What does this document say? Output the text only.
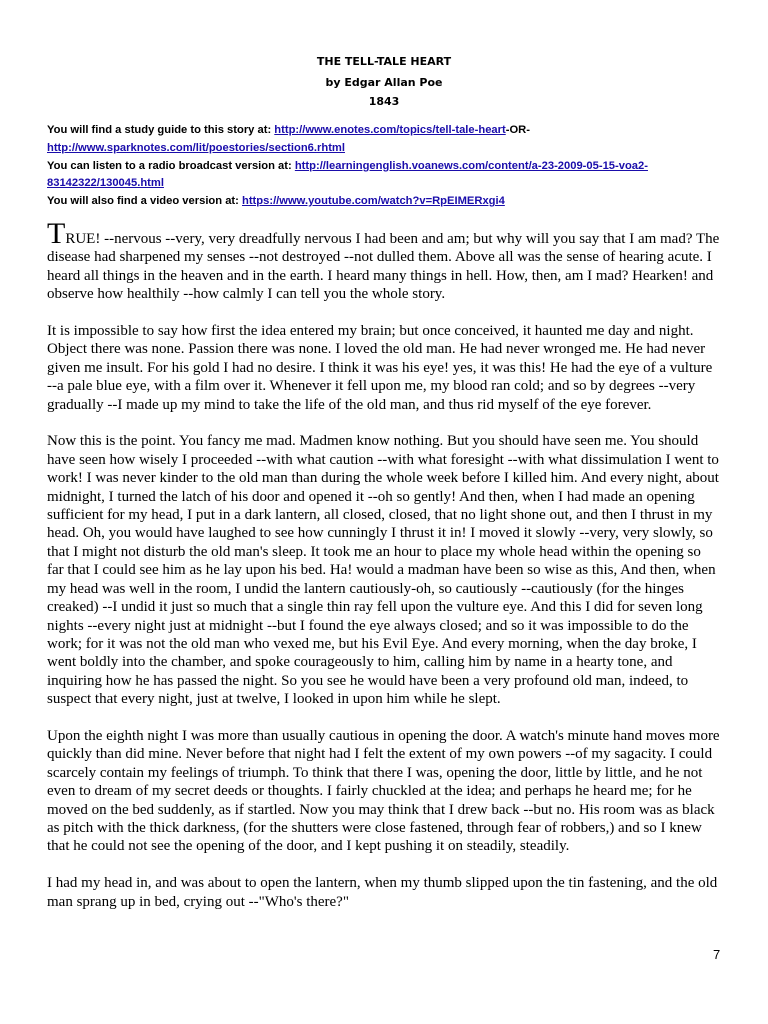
THE TELL-TALE HEART
by Edgar Allan Poe
1843
You will find a study guide to this story at: http://www.enotes.com/topics/tell-tale-heart-OR-
http://www.sparknotes.com/lit/poestories/section6.rhtml
You can listen to a radio broadcast version at: http://learningenglish.voanews.com/content/a-23-2009-05-15-voa2-83142322/130045.html
You will also find a video version at: https://www.youtube.com/watch?v=RpEIMERxgi4

TRUE! --nervous --very, very dreadfully nervous I had been and am; but why will you say that I am mad? The disease had sharpened my senses --not destroyed --not dulled them. Above all was the sense of hearing acute. I heard all things in the heaven and in the earth. I heard many things in hell. How, then, am I mad? Hearken! and observe how healthily --how calmly I can tell you the whole story.

It is impossible to say how first the idea entered my brain; but once conceived, it haunted me day and night. Object there was none. Passion there was none. I loved the old man. He had never wronged me. He had never given me insult. For his gold I had no desire. I think it was his eye! yes, it was this! He had the eye of a vulture --a pale blue eye, with a film over it. Whenever it fell upon me, my blood ran cold; and so by degrees --very gradually --I made up my mind to take the life of the old man, and thus rid myself of the eye forever.

Now this is the point. You fancy me mad. Madmen know nothing. But you should have seen me. You should have seen how wisely I proceeded --with what caution --with what foresight --with what dissimulation I went to work! I was never kinder to the old man than during the whole week before I killed him. And every night, about midnight, I turned the latch of his door and opened it --oh so gently! And then, when I had made an opening sufficient for my head, I put in a dark lantern, all closed, closed, that no light shone out, and then I thrust in my head. Oh, you would have laughed to see how cunningly I thrust it in! I moved it slowly --very, very slowly, so that I might not disturb the old man's sleep. It took me an hour to place my whole head within the opening so far that I could see him as he lay upon his bed. Ha! would a madman have been so wise as this, And then, when my head was well in the room, I undid the lantern cautiously-oh, so cautiously --cautiously (for the hinges creaked) --I undid it just so much that a single thin ray fell upon the vulture eye. And this I did for seven long nights --every night just at midnight --but I found the eye always closed; and so it was impossible to do the work; for it was not the old man who vexed me, but his Evil Eye. And every morning, when the day broke, I went boldly into the chamber, and spoke courageously to him, calling him by name in a hearty tone, and inquiring how he has passed the night. So you see he would have been a very profound old man, indeed, to suspect that every night, just at twelve, I looked in upon him while he slept.

Upon the eighth night I was more than usually cautious in opening the door. A watch's minute hand moves more quickly than did mine. Never before that night had I felt the extent of my own powers --of my sagacity. I could scarcely contain my feelings of triumph. To think that there I was, opening the door, little by little, and he not even to dream of my secret deeds or thoughts. I fairly chuckled at the idea; and perhaps he heard me; for he moved on the bed suddenly, as if startled. Now you may think that I drew back --but no. His room was as black as pitch with the thick darkness, (for the shutters were close fastened, through fear of robbers,) and so I knew that he could not see the opening of the door, and I kept pushing it on steadily, steadily.

I had my head in, and was about to open the lantern, when my thumb slipped upon the tin fastening, and the old man sprang up in bed, crying out --"Who's there?"

7
